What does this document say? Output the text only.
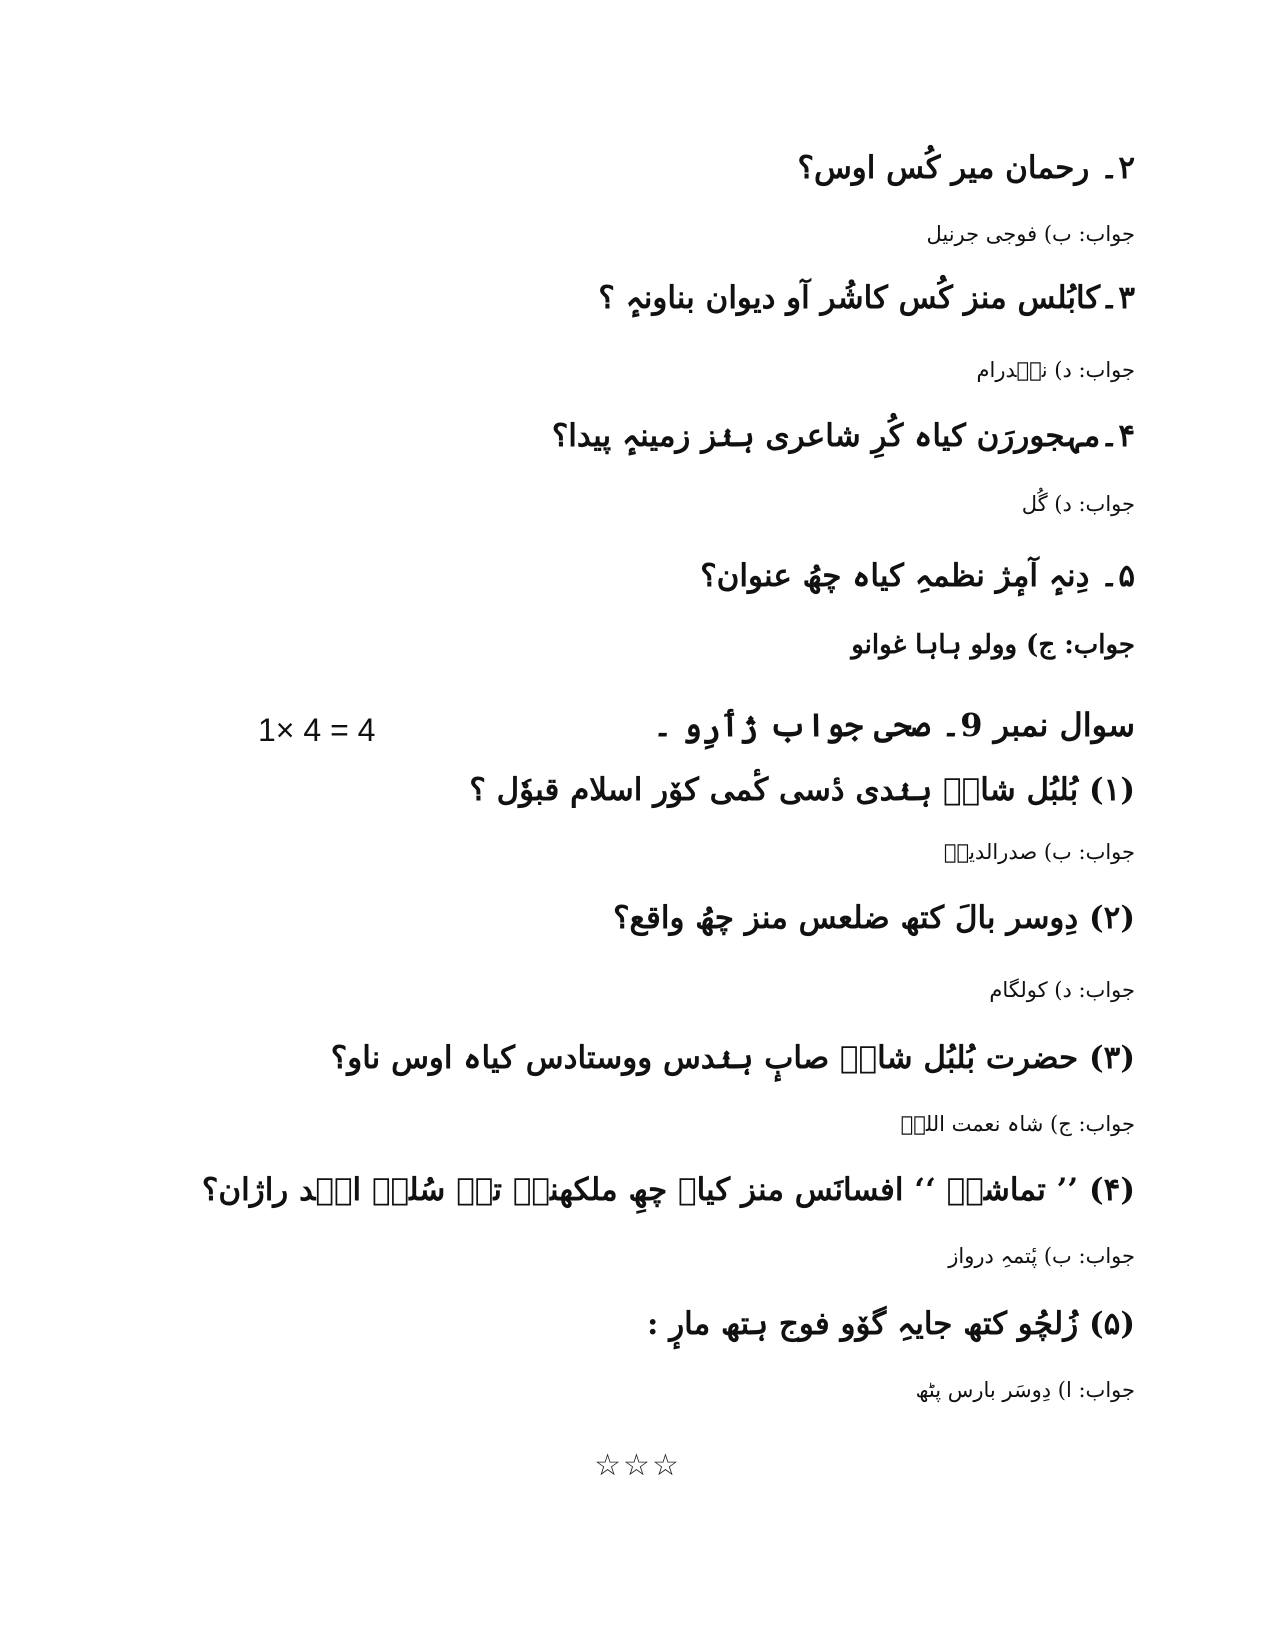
۲۔ رحمان میر کُس اوس؟
جواب: ب) فوجی جرنیل
۳۔کابُلس منز کُس کاشُر آو دیوان بناونہٕ ؟
جواب: د) ننٛدرام
۴۔مہجوررَن کیاہ کُرِ شاعری ہنٛز زمینہٕ پیدا؟
جواب: د) گُل
۵۔ دِنہٕ آمٕژ نظمہِ کیاہ چھُ عنوان؟
جواب: ج) وولو ہاہا غوانو
سوال نمبر 9۔ صحی جواب ژٲرِو ۔
1× 4 = 4
(۱) بُلبُل شاہؒ ہنٛدی دٔسی کٔمی کوٚر اسلام قبوٗل ؟
جواب: ب) صدرالدینؒ
(۲) دِوسر بالَ کتھ ضلعس منز چھُ واقع؟
جواب: د) کولگام
(۳) حضرت بُلبُل شاہؒ صابٕ ہنٛدس ووستادس کیاہ اوس ناو؟
جواب: ج) شاہ نعمت اللہؒ
(۴) ’’ تماشہٕ ‘‘ افسانَس منز کیاہ چھِ ملکھنہٕ تہٕ سُلہٕ انٛد راژان؟
جواب: ب) پٔتمہِ درواز
(۵) زُلچُو کتھ جایہِ گوٚو فوج ہتھ مارٕ :
جواب: ا) دِوسَر بارس پٹھ
☆☆☆
